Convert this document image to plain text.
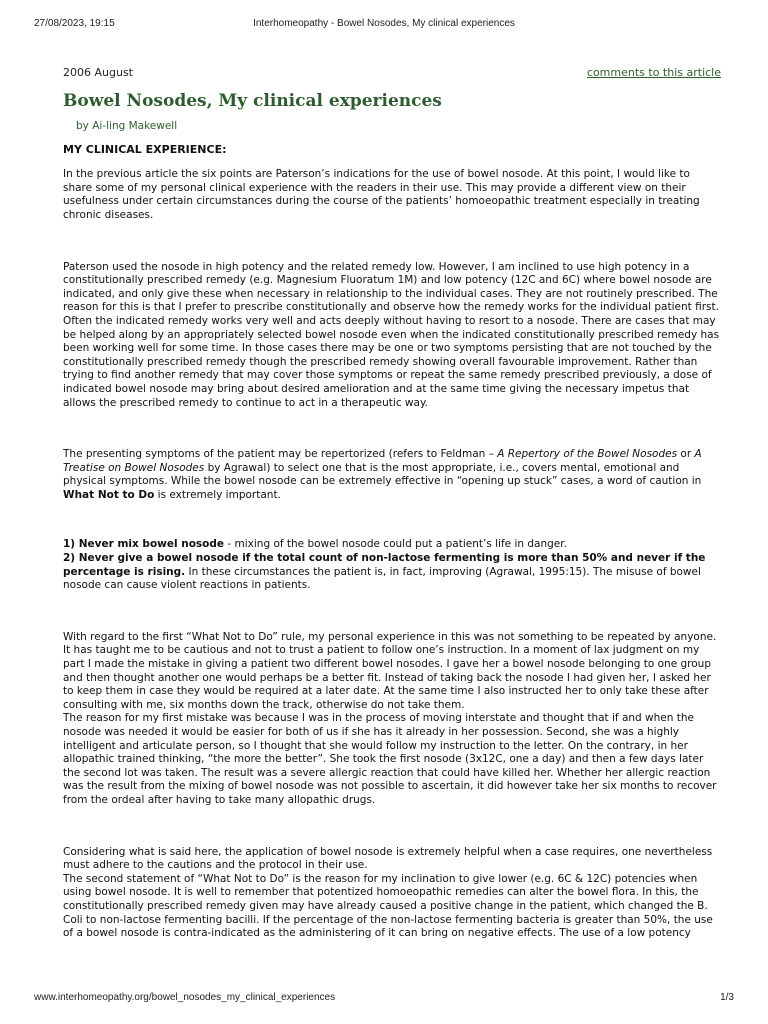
27/08/2023, 19:15	Interhomeopathy - Bowel Nosodes, My clinical experiences
2006 August	comments to this article
Bowel Nosodes, My clinical experiences
by Ai-ling Makewell
MY CLINICAL EXPERIENCE:

In the previous article the six points are Paterson’s indications for the use of bowel nosode. At this point, I would like to share some of my personal clinical experience with the readers in their use. This may provide a different view on their usefulness under certain circumstances during the course of the patients’ homoeopathic treatment especially in treating chronic diseases.

Paterson used the nosode in high potency and the related remedy low. However, I am inclined to use high potency in a constitutionally prescribed remedy (e.g. Magnesium Fluoratum 1M) and low potency (12C and 6C) where bowel nosode are indicated, and only give these when necessary in relationship to the individual cases. They are not routinely prescribed. The reason for this is that I prefer to prescribe constitutionally and observe how the remedy works for the individual patient first. Often the indicated remedy works very well and acts deeply without having to resort to a nosode. There are cases that may be helped along by an appropriately selected bowel nosode even when the indicated constitutionally prescribed remedy has been working well for some time. In those cases there may be one or two symptoms persisting that are not touched by the constitutionally prescribed remedy though the prescribed remedy showing overall favourable improvement. Rather than trying to find another remedy that may cover those symptoms or repeat the same remedy prescribed previously, a dose of indicated bowel nosode may bring about desired amelioration and at the same time giving the necessary impetus that allows the prescribed remedy to continue to act in a therapeutic way.

The presenting symptoms of the patient may be repertorized (refers to Feldman – A Repertory of the Bowel Nosodes or A Treatise on Bowel Nosodes by Agrawal) to select one that is the most appropriate, i.e., covers mental, emotional and physical symptoms. While the bowel nosode can be extremely effective in “opening up stuck” cases, a word of caution in What Not to Do is extremely important.

1) Never mix bowel nosode - mixing of the bowel nosode could put a patient’s life in danger.

2) Never give a bowel nosode if the total count of non-lactose fermenting is more than 50% and never if the percentage is rising. In these circumstances the patient is, in fact, improving (Agrawal, 1995:15). The misuse of bowel nosode can cause violent reactions in patients.

With regard to the first “What Not to Do” rule, my personal experience in this was not something to be repeated by anyone. It has taught me to be cautious and not to trust a patient to follow one’s instruction. In a moment of lax judgment on my part I made the mistake in giving a patient two different bowel nosodes. I gave her a bowel nosode belonging to one group and then thought another one would perhaps be a better fit. Instead of taking back the nosode I had given her, I asked her to keep them in case they would be required at a later date. At the same time I also instructed her to only take these after consulting with me, six months down the track, otherwise do not take them.

The reason for my first mistake was because I was in the process of moving interstate and thought that if and when the nosode was needed it would be easier for both of us if she has it already in her possession. Second, she was a highly intelligent and articulate person, so I thought that she would follow my instruction to the letter. On the contrary, in her allopathic trained thinking, “the more the better”. She took the first nosode (3x12C, one a day) and then a few days later the second lot was taken. The result was a severe allergic reaction that could have killed her. Whether her allergic reaction was the result from the mixing of bowel nosode was not possible to ascertain, it did however take her six months to recover from the ordeal after having to take many allopathic drugs.

Considering what is said here, the application of bowel nosode is extremely helpful when a case requires, one nevertheless must adhere to the cautions and the protocol in their use.

The second statement of “What Not to Do” is the reason for my inclination to give lower (e.g. 6C & 12C) potencies when using bowel nosode. It is well to remember that potentized homoeopathic remedies can alter the bowel flora. In this, the constitutionally prescribed remedy given may have already caused a positive change in the patient, which changed the B. Coli to non-lactose fermenting bacilli. If the percentage of the non-lactose fermenting bacteria is greater than 50%, the use of a bowel nosode is contra-indicated as the administering of it can bring on negative effects. The use of a low potency

www.interhomeopathy.org/bowel_nosodes_my_clinical_experiences	1/3
